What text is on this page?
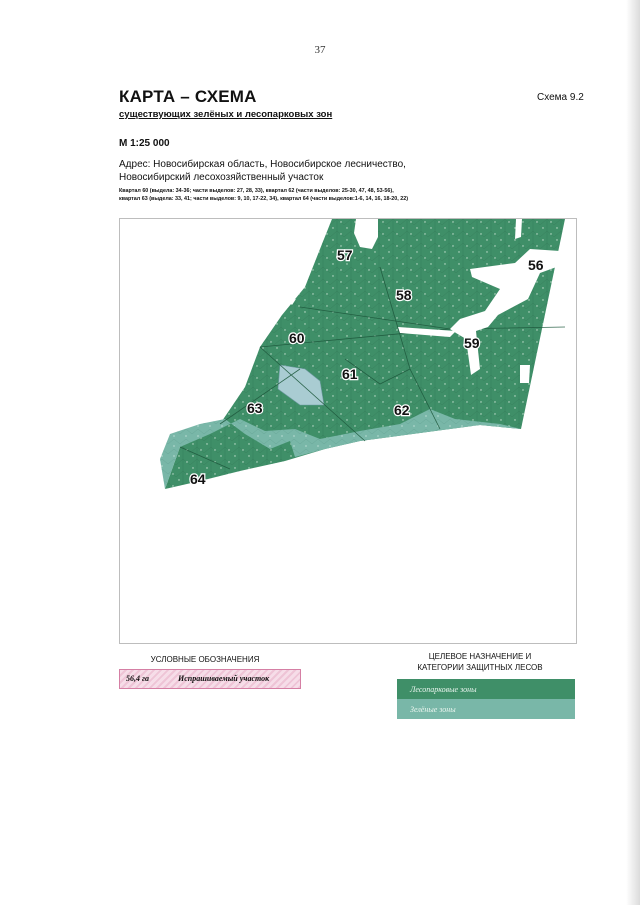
37
КАРТА – СХЕМА	Схема 9.2
существующих зелёных и лесопарковых зон
М 1:25 000
Адрес: Новосибирская область, Новосибирское лесничество,
Новосибирский лесохозяйственный участок
Квартал 60 (выдела: 34-36; части выделов: 27, 28, 33), квартал 62 (части выделов: 25-30, 47, 48, 53-56),
квартал 63 (выдела: 33, 41; части выделов: 9, 10, 17-22, 34), квартал 64 (части выделов:1-6, 14, 16, 18-20, 22)
57
56
58
60	59
61
63	62
64
УСЛОВНЫЕ ОБОЗНАЧЕНИЯ	ЦЕЛЕВОЕ НАЗНАЧЕНИЕ И
КАТЕГОРИИ ЗАЩИТНЫХ ЛЕСОВ
56,4 га	Испрашиваемый участок
Лесопарковые зоны
Зелёные зоны
